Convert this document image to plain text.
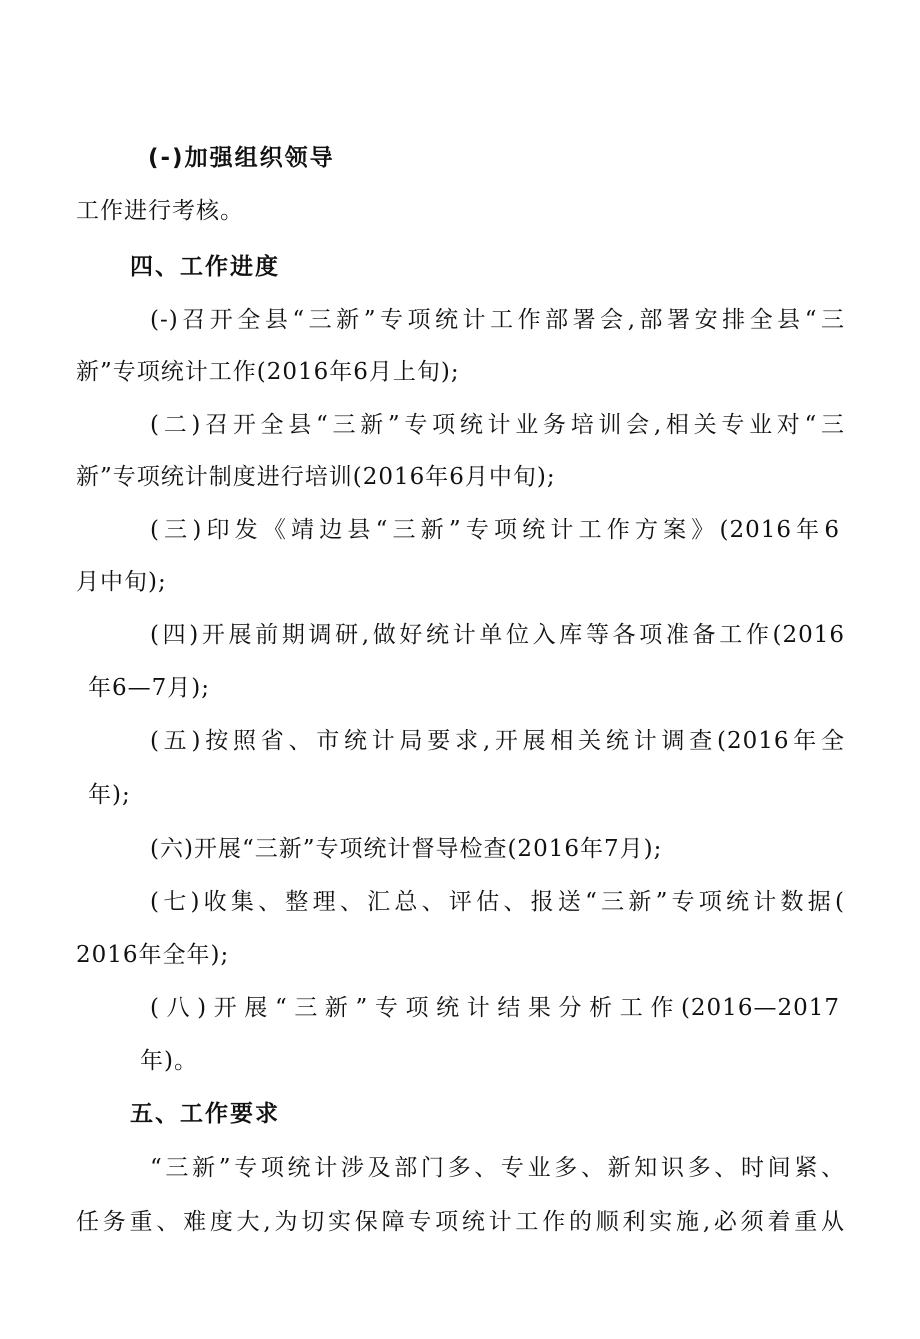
(-)加强组织领导
工作进行考核。
四、工作进度
(-)召开全县“三新”专项统计工作部署会,部署安排全县“三
新”专项统计工作(2016年6月上旬);
(二)召开全县“三新”专项统计业务培训会,相关专业对“三
新”专项统计制度进行培训(2016年6月中旬);
(三)印发《靖边县“三新”专项统计工作方案》(2016年6
月中旬);
(四)开展前期调研,做好统计单位入库等各项准备工作(2016
年6—7月);
(五)按照省、市统计局要求,开展相关统计调查(2016年全
年);
(六)开展“三新”专项统计督导检查(2016年7月);
(七)收集、整理、汇总、评估、报送“三新”专项统计数据(
2016年全年);
(八)开展“三新”专项统计结果分析工作(2016—2017
年)。
五、工作要求
“三新”专项统计涉及部门多、专业多、新知识多、时间紧、
任务重、难度大,为切实保障专项统计工作的顺利实施,必须着重从
